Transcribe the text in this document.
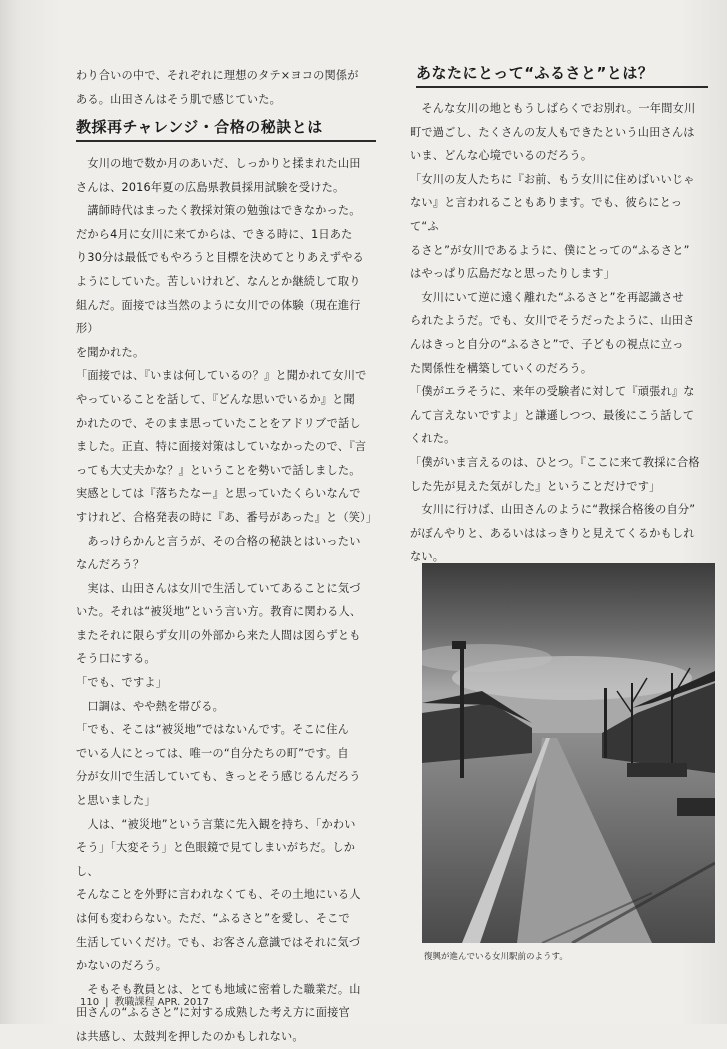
わり合いの中で、それぞれに理想のタテ×ヨコの関係が

ある。山田さんはそう肌で感じていた。

教採再チャレンジ・合格の秘訣とは

　女川の地で数か月のあいだ、しっかりと揉まれた山田

さんは、2016年夏の広島県教員採用試験を受けた。

　講師時代はまったく教採対策の勉強はできなかった。

だから4月に女川に来てからは、できる時に、1日あた

り30分は最低でもやろうと目標を決めてとりあえずやる

ようにしていた。苦しいけれど、なんとか継続して取り

組んだ。面接では当然のように女川での体験（現在進行形）

を聞かれた。

「面接では、『いまは何しているの？』と聞かれて女川で

やっていることを話して、『どんな思いでいるか』と聞

かれたので、そのまま思っていたことをアドリブで話し

ました。正直、特に面接対策はしていなかったので、『言

っても大丈夫かな？』ということを勢いで話しました。

実感としては『落ちたなー』と思っていたくらいなんで

すけれど、合格発表の時に『あ、番号があった』と（笑）」

　あっけらかんと言うが、その合格の秘訣とはいったい

なんだろう？

　実は、山田さんは女川で生活していてあることに気づ

いた。それは“被災地”という言い方。教育に関わる人、

またそれに限らず女川の外部から来た人間は図らずとも

そう口にする。

「でも、ですよ」

　口調は、やや熱を帯びる。

「でも、そこは“被災地”ではないんです。そこに住ん

でいる人にとっては、唯一の“自分たちの町”です。自

分が女川で生活していても、きっとそう感じるんだろう

と思いました」

　人は、“被災地”という言葉に先入観を持ち、「かわい

そう」「大変そう」と色眼鏡で見てしまいがちだ。しかし、

そんなことを外野に言われなくても、その土地にいる人

は何も変わらない。ただ、“ふるさと”を愛し、そこで

生活していくだけ。でも、お客さん意識ではそれに気づ

かないのだろう。

　そもそも教員とは、とても地域に密着した職業だ。山

田さんの“ふるさと”に対する成熟した考え方に面接官

は共感し、太鼓判を押したのかもしれない。

あなたにとって“ふるさと”とは？

　そんな女川の地ともうしばらくでお別れ。一年間女川

町で過ごし、たくさんの友人もできたという山田さんは

いま、どんな心境でいるのだろう。

「女川の友人たちに『お前、もう女川に住めばいいじゃ

ない』と言われることもあります。でも、彼らにとって“ふ

るさと”が女川であるように、僕にとっての“ふるさと”

はやっぱり広島だなと思ったりします」

　女川にいて逆に遠く離れた“ふるさと”を再認識させ

られたようだ。でも、女川でそうだったように、山田さ

んはきっと自分の“ふるさと”で、子どもの視点に立っ

た関係性を構築していくのだろう。

「僕がエラそうに、来年の受験者に対して『頑張れ』な

んて言えないですよ」と謙遜しつつ、最後にこう話して

くれた。

「僕がいま言えるのは、ひとつ。『ここに来て教採に合格

した先が見えた気がした』ということだけです」

　女川に行けば、山田さんのように“教採合格後の自分”

がぼんやりと、あるいははっきりと見えてくるかもしれ

ない。

復興が進んでいる女川駅前のようす。
110 | 教職課程 APR. 2017
